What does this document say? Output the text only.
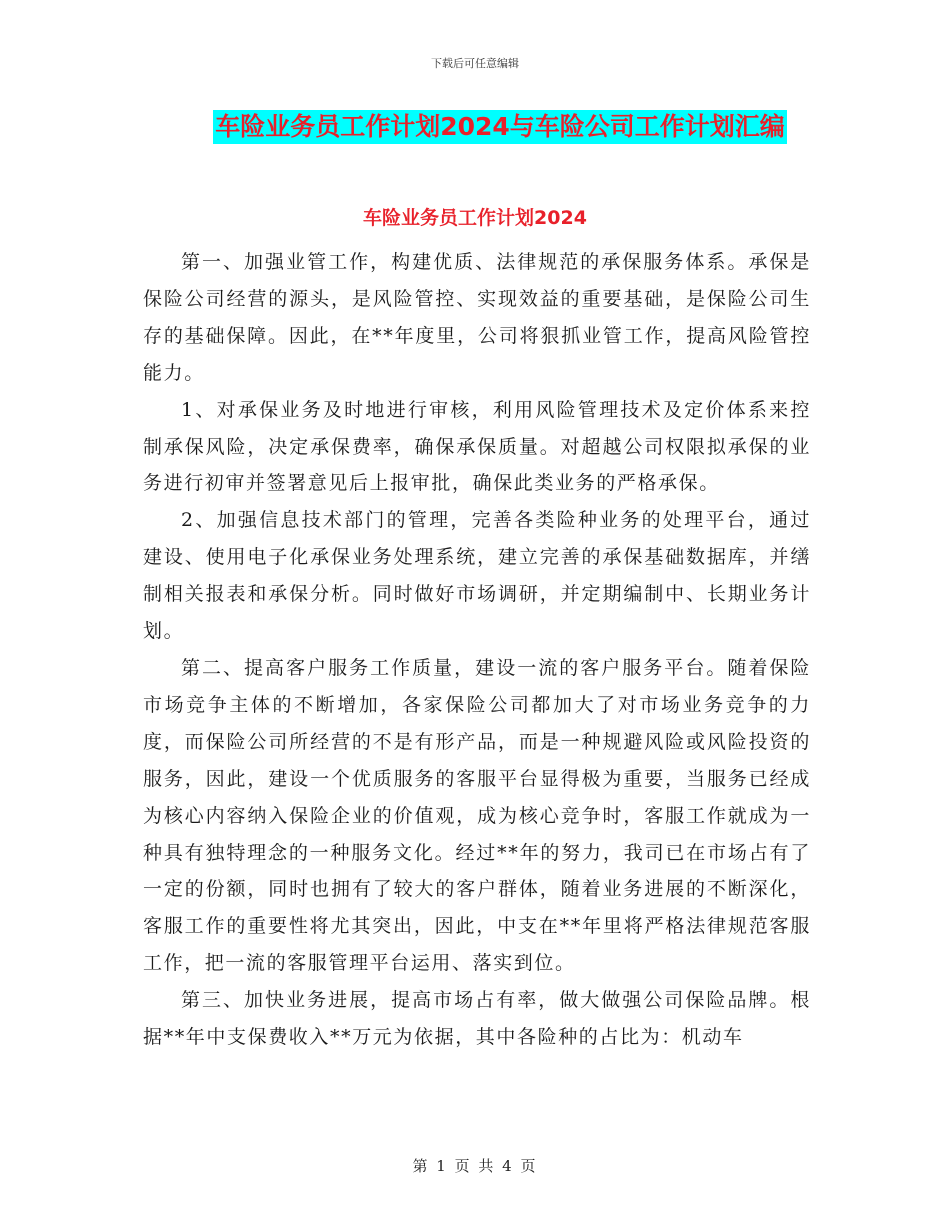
下载后可任意编辑
车险业务员工作计划2024与车险公司工作计划汇编
车险业务员工作计划2024

第一、加强业管工作，构建优质、法律规范的承保服务体系。承保是保险公司经营的源头，是风险管控、实现效益的重要基础，是保险公司生存的基础保障。因此，在**年度里，公司将狠抓业管工作，提高风险管控能力。

1、对承保业务及时地进行审核，利用风险管理技术及定价体系来控制承保风险，决定承保费率，确保承保质量。对超越公司权限拟承保的业务进行初审并签署意见后上报审批，确保此类业务的严格承保。

2、加强信息技术部门的管理，完善各类险种业务的处理平台，通过建设、使用电子化承保业务处理系统，建立完善的承保基础数据库，并缮制相关报表和承保分析。同时做好市场调研，并定期编制中、长期业务计划。

第二、提高客户服务工作质量，建设一流的客户服务平台。随着保险市场竞争主体的不断增加，各家保险公司都加大了对市场业务竞争的力度，而保险公司所经营的不是有形产品，而是一种规避风险或风险投资的服务，因此，建设一个优质服务的客服平台显得极为重要，当服务已经成为核心内容纳入保险企业的价值观，成为核心竞争时，客服工作就成为一种具有独特理念的一种服务文化。经过**年的努力，我司已在市场占有了一定的份额，同时也拥有了较大的客户群体，随着业务进展的不断深化，客服工作的重要性将尤其突出，因此，中支在**年里将严格法律规范客服工作，把一流的客服管理平台运用、落实到位。

第三、加快业务进展，提高市场占有率，做大做强公司保险品牌。根据**年中支保费收入**万元为依据，其中各险种的占比为：机动车

第 1 页 共 4 页
